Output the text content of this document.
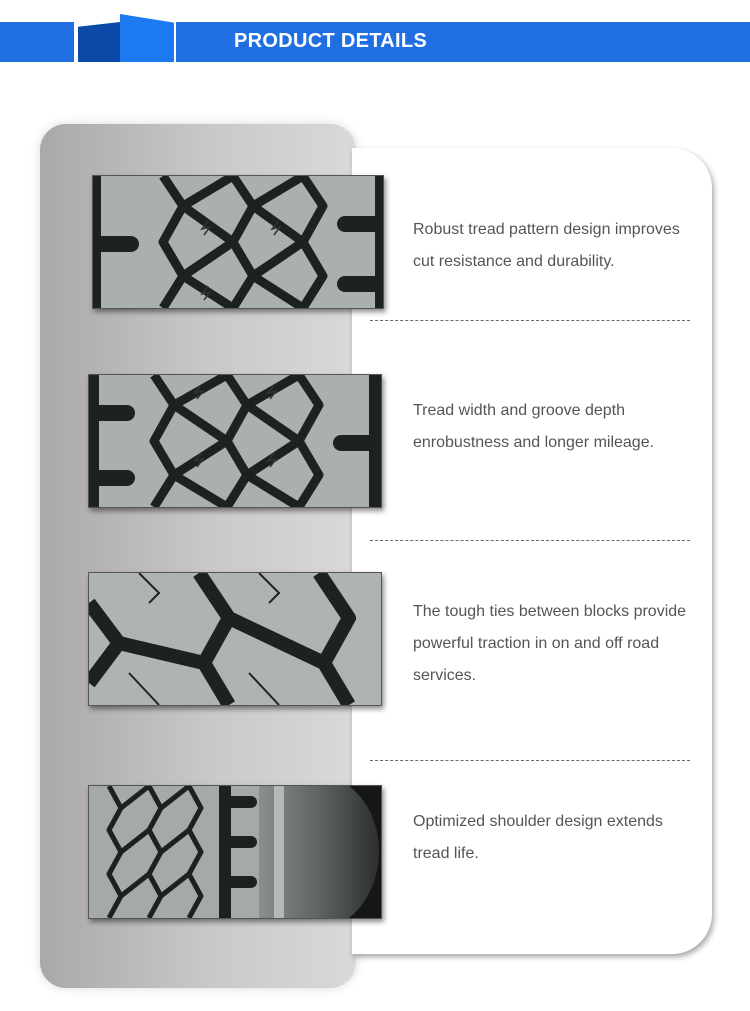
PRODUCT DETAILS
Robust tread pattern design improves cut resistance and durability.
Tread width and groove depth enrobustness and longer mileage.
The tough ties between blocks provide powerful traction in on and off road services.
Optimized shoulder design extends tread life.
